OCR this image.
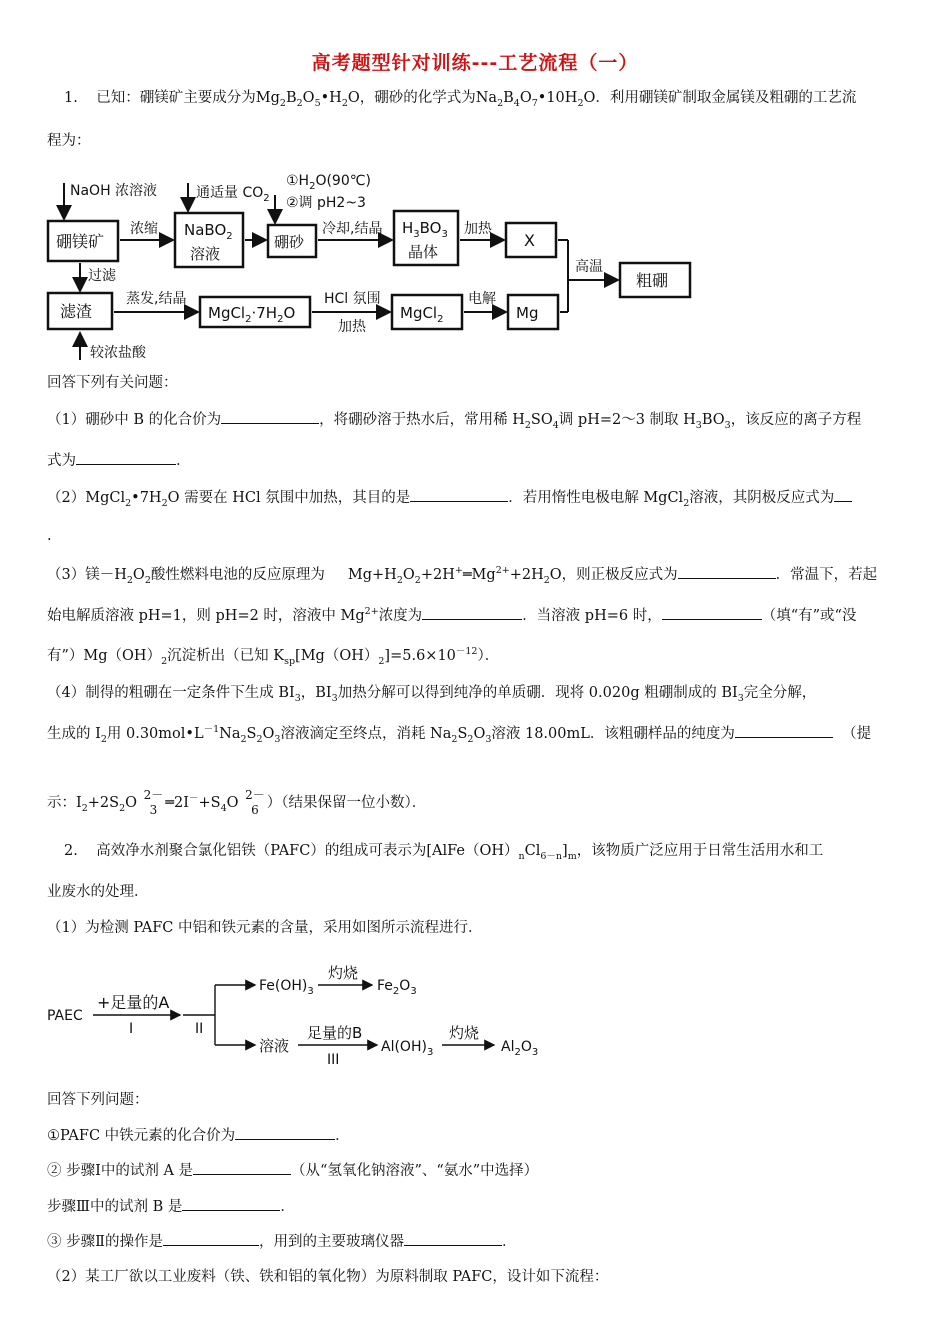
高考题型针对训练---工艺流程（一）
1. 已知：硼镁矿主要成分为$Mg_2B_2O_5•H_2O$，硼砂的化学式为$Na_2B_4O_7•10H_2O$．利用硼镁矿制取金属镁及粗硼的工艺流
程为：
NaOH 浓溶液
硼镁矿
浓缩
通适量 $CO_2$
NaBO$_2$
溶液
$①H_2O(90℃)$
②调 pH2~3
硼砂
冷却,结晶 $H_3BO_3$
晶体
加热
X
高温
粗硼
过滤
滤渣
蒸发,结晶
$MgCl_2\cdot 7H_2O$
HCl 氛围
加热
MgCl$_2$
电解
Mg
较浓盐酸
回答下列有关问题：
（1）硼砂中 B 的化合价为	，将硼砂溶于热水后，常用稀 $H_2SO_4$调 pH=2～3 制取 $H_3BO_3$，该反应的离子方程
式为	．
$(2)MgCl_2•7H_2O$ 需要在 HCl 氛围中加热，其目的是	．若用惰性电极电解 MgCl$_2$溶液，其阴极反应式为
.
（3）镁$-H_2O_2$酸性燃料电池的反应原理为 $Mg+H_2O_2+2H^+═Mg^{2+}+2H_2O$，则正极反应式为	．常温下，若起
始电解质溶液 pH=1，则 pH=2 时，溶液中 $Mg^{2+}$浓度为	．当溶液 pH=6 时，	（填“有”或“没
有$”)Mg(OH)_2$沉淀析出（已知 $K_{sp}[Mg(OH)_2]=5.6\times 10^{-12}$）．
（4）制得的粗硼在一定条件下生成 $BI_3$，$BI_3$加热分解可以得到纯净的单质硼．现将 0.020g 粗硼制成的 $BI_3$完全分解，
生成的 $I_2$用 $0.30mol•L^{-1}Na_2S_2O_3$溶液滴定至终点，消耗 $Na_2S_2O_3$溶液 18.00mL．该粗硼样品的纯度为	（提
示：$I_2+2S_2O$ 2－
3 $═2I^-+S_4O$ 2－
6 ）（结果保留一位小数）．
2. 高效净水剂聚合氯化铝铁（PAFC）的组成可表示为$[AlFe(OH)_nCl_{6-n}]_m$，该物质广泛应用于日常生活用水和工
业废水的处理．
（1）为检测 PAFC 中铝和铁元素的含量，采用如图所示流程进行．
PAEC
+足量的A
I	II
$Fe(OH)_3$
灼烧
$Fe_2O_3$
溶液
足量的B
III
$Al(OH)_3$
灼烧
$Al_2O_3$
回答下列问题：
①PAFC 中铁元素的化合价为	．
② 步骤Ⅰ中的试剂 A 是	（从“氢氧化钠溶液”、“氨水”中选择）
步骤Ⅲ中的试剂 B 是	．
③ 步骤Ⅱ的操作是	，用到的主要玻璃仪器	．
（2）某工厂欲以工业废料（铁、铁和铝的氧化物）为原料制取 PAFC，设计如下流程：
